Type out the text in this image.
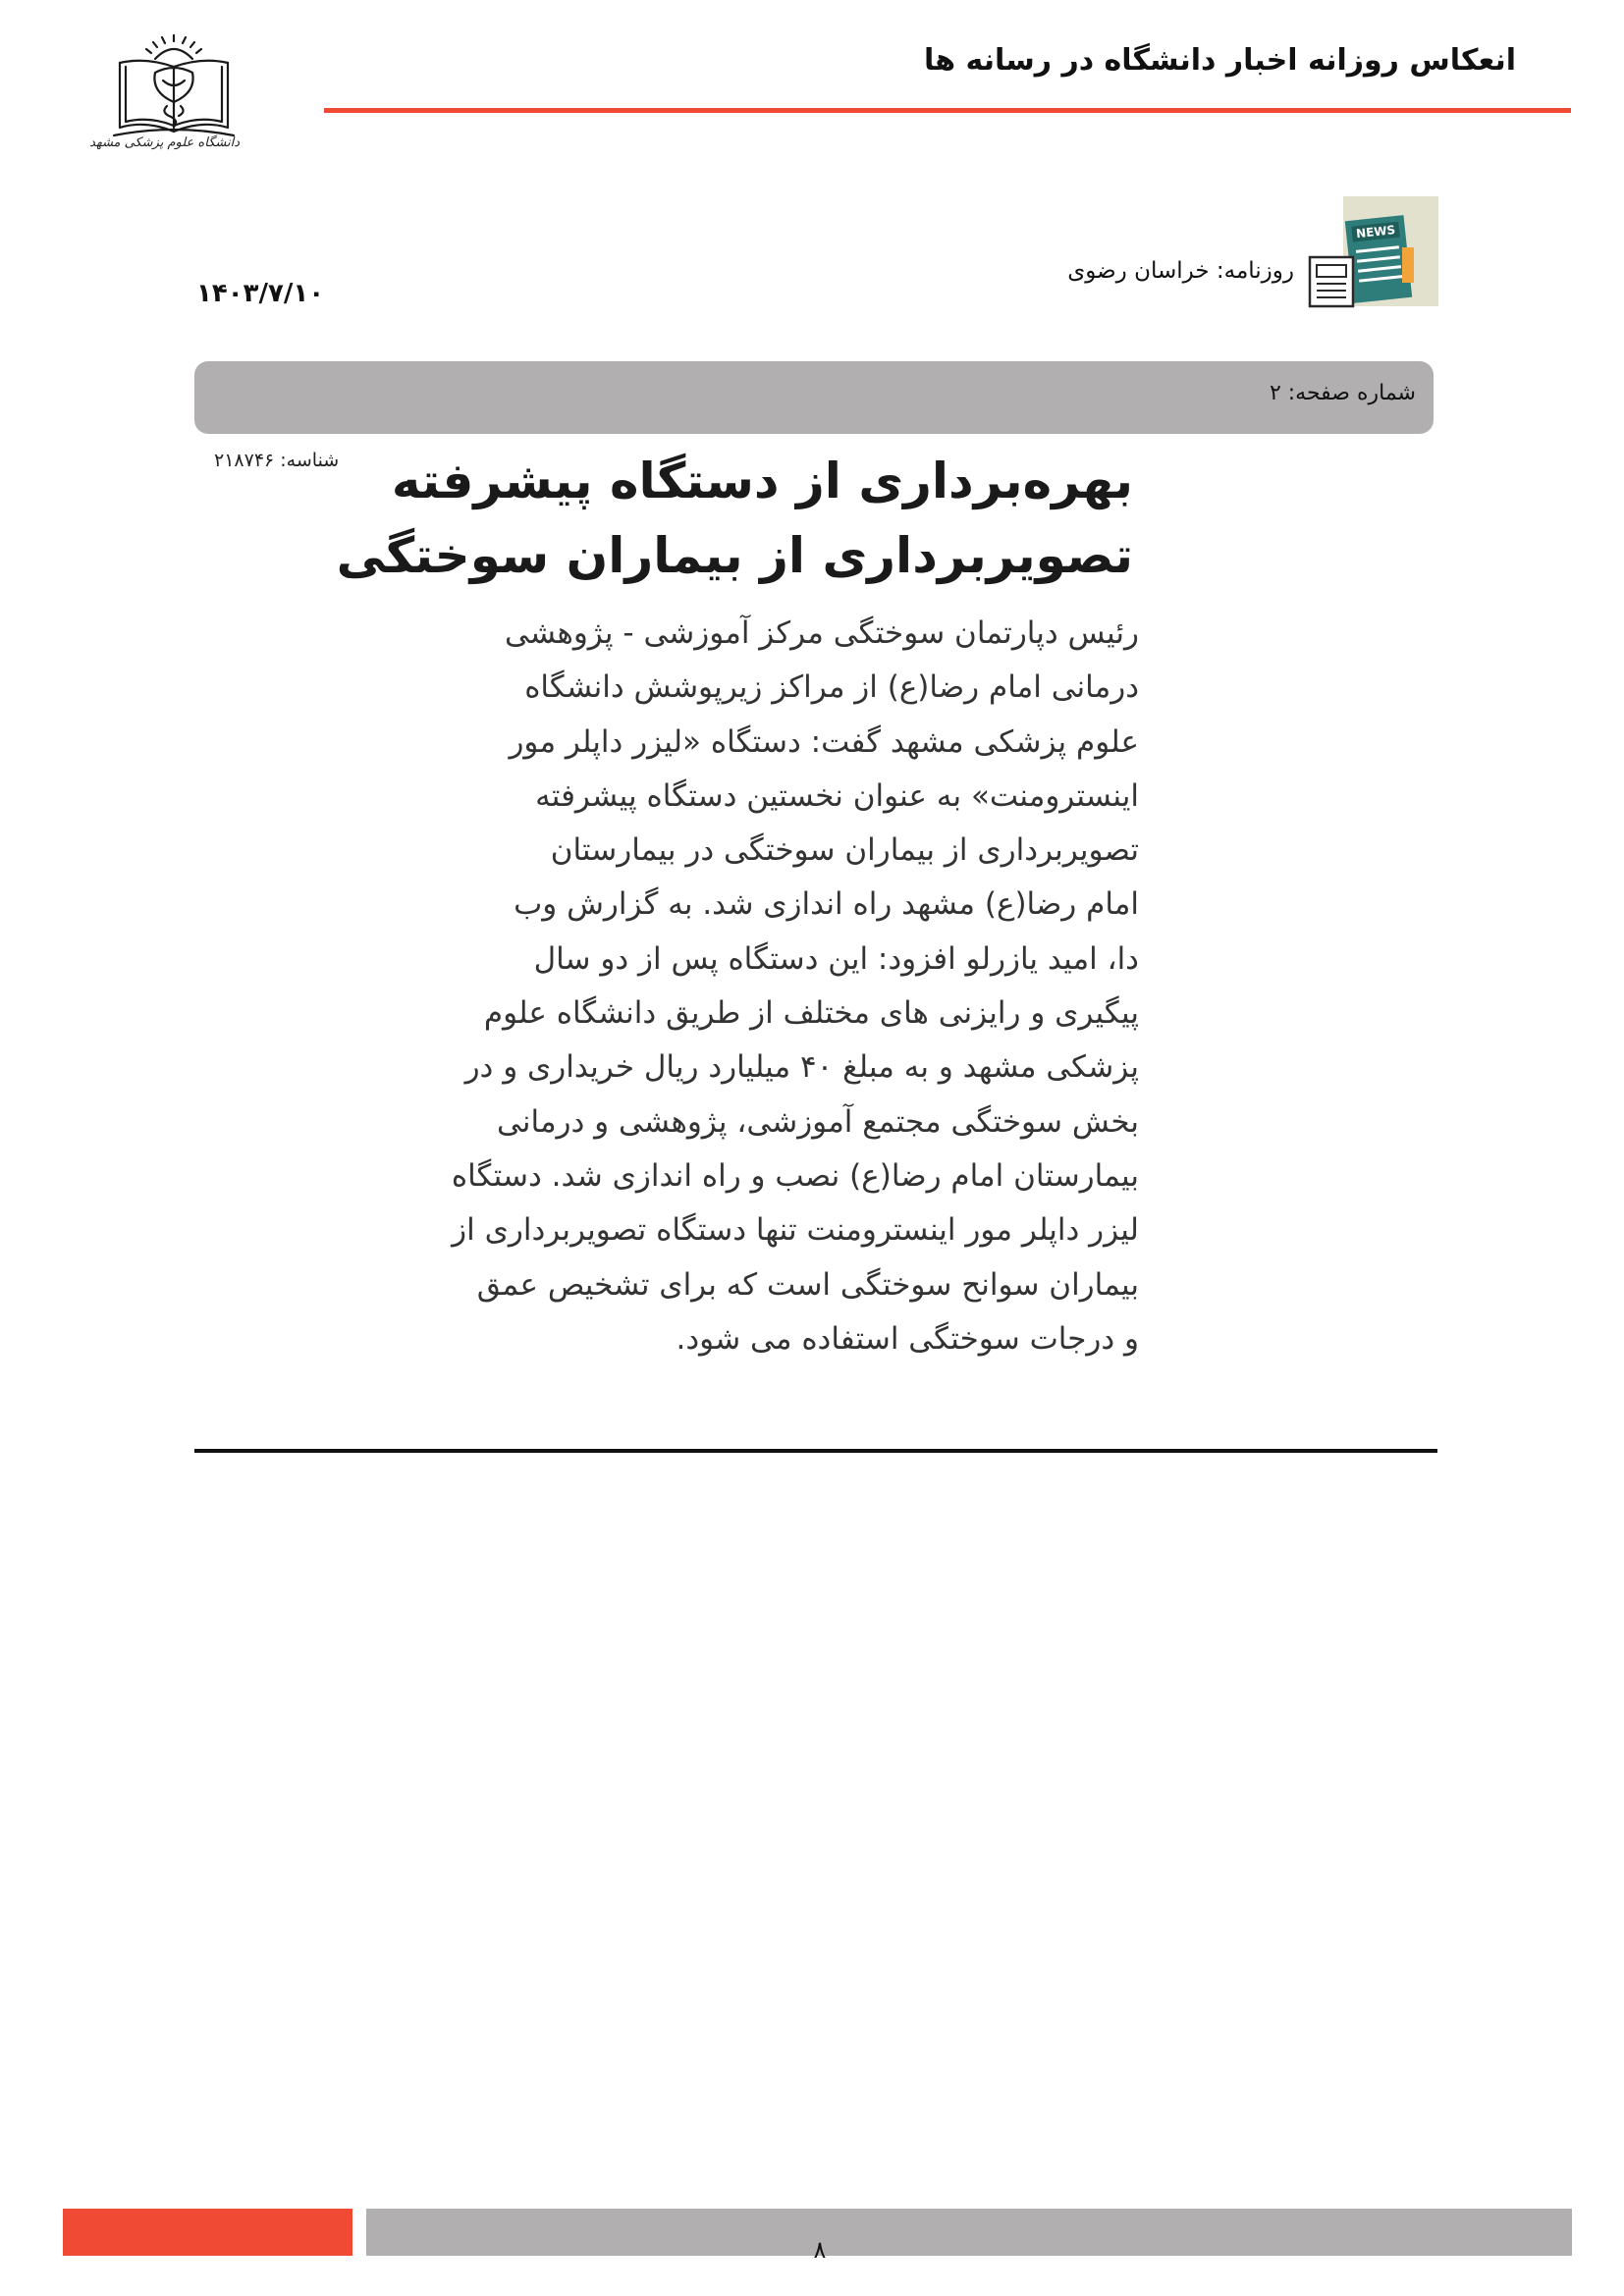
انعکاس روزانه اخبار دانشگاه در رسانه ها
دانشگاه علوم پزشکی مشهد
NEWS
روزنامه: خراسان رضوی
۱۴۰۳/۷/۱۰
شماره صفحه: ۲
شناسه: ۲۱۸۷۴۶ بهره‌برداری از دستگاه پیشرفته
تصویربرداری از بیماران سوختگی
رئیس دپارتمان سوختگی مرکز آموزشی - پژوهشی
درمانی امام رضا(ع) از مراکز زیرپوشش دانشگاه
علوم پزشکی مشهد گفت: دستگاه «لیزر داپلر مور
اینسترومنت» به عنوان نخستین دستگاه پیشرفته
تصویربرداری از بیماران سوختگی در بیمارستان
امام رضا(ع) مشهد راه اندازی شد. به گزارش وب
دا، امید یازرلو افزود: این دستگاه پس از دو سال
پیگیری و رایزنی های مختلف از طریق دانشگاه علوم
پزشکی مشهد و به مبلغ ۴۰ میلیارد ریال خریداری و در
بخش سوختگی مجتمع آموزشی، پژوهشی و درمانی
بیمارستان امام رضا(ع) نصب و راه اندازی شد. دستگاه
لیزر داپلر مور اینسترومنت تنها دستگاه تصویربرداری از
بیماران سوانح سوختگی است که برای تشخیص عمق
و درجات سوختگی استفاده می شود.
۸
